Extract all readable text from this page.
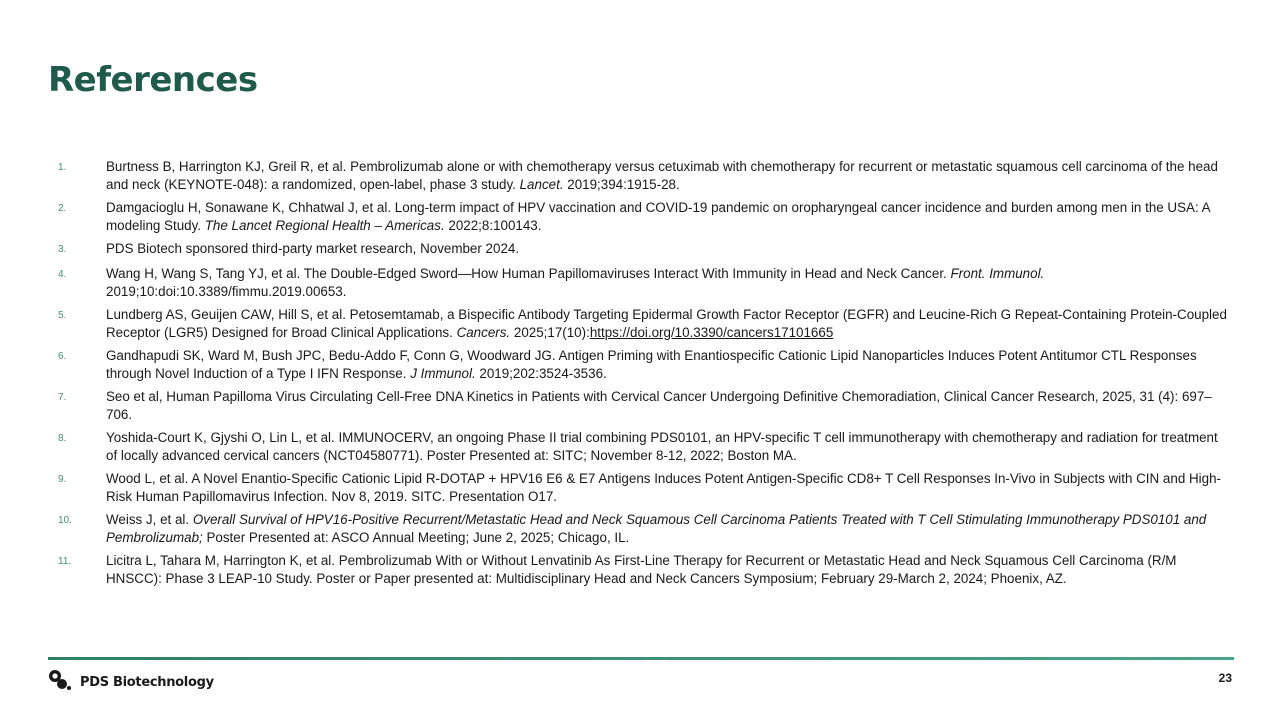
References
1.	Burtness B, Harrington KJ, Greil R, et al. Pembrolizumab alone or with chemotherapy versus cetuximab with chemotherapy for recurrent or metastatic squamous cell carcinoma of the head and neck (KEYNOTE-048): a randomized, open-label, phase 3 study. Lancet. 2019;394:1915-28.
2.	Damgacioglu H, Sonawane K, Chhatwal J, et al. Long-term impact of HPV vaccination and COVID-19 pandemic on oropharyngeal cancer incidence and burden among men in the USA: A modeling Study. The Lancet Regional Health – Americas. 2022;8:100143.
3.	PDS Biotech sponsored third-party market research, November 2024.
4.	Wang H, Wang S, Tang YJ, et al. The Double-Edged Sword—How Human Papillomaviruses Interact With Immunity in Head and Neck Cancer. Front. Immunol. 2019;10:doi:10.3389/fimmu.2019.00653.
5.	Lundberg AS, Geuijen CAW, Hill S, et al. Petosemtamab, a Bispecific Antibody Targeting Epidermal Growth Factor Receptor (EGFR) and Leucine-Rich G Repeat-Containing Protein-Coupled Receptor (LGR5) Designed for Broad Clinical Applications. Cancers. 2025;17(10):https://doi.org/10.3390/cancers17101665
6.	Gandhapudi SK, Ward M, Bush JPC, Bedu-Addo F, Conn G, Woodward JG. Antigen Priming with Enantiospecific Cationic Lipid Nanoparticles Induces Potent Antitumor CTL Responses through Novel Induction of a Type I IFN Response. J Immunol. 2019;202:3524-3536.
7.	Seo et al, Human Papilloma Virus Circulating Cell-Free DNA Kinetics in Patients with Cervical Cancer Undergoing Definitive Chemoradiation, Clinical Cancer Research, 2025, 31 (4): 697–706.
8.	Yoshida-Court K, Gjyshi O, Lin L, et al. IMMUNOCERV, an ongoing Phase II trial combining PDS0101, an HPV-specific T cell immunotherapy with chemotherapy and radiation for treatment of locally advanced cervical cancers (NCT04580771). Poster Presented at: SITC; November 8-12, 2022; Boston MA.
9.	Wood L, et al. A Novel Enantio-Specific Cationic Lipid R-DOTAP + HPV16 E6 & E7 Antigens Induces Potent Antigen-Specific CD8+ T Cell Responses In-Vivo in Subjects with CIN and High-Risk Human Papillomavirus Infection. Nov 8, 2019. SITC. Presentation O17.
10.	Weiss J, et al. Overall Survival of HPV16-Positive Recurrent/Metastatic Head and Neck Squamous Cell Carcinoma Patients Treated with T Cell Stimulating Immunotherapy PDS0101 and Pembrolizumab; Poster Presented at: ASCO Annual Meeting; June 2, 2025; Chicago, IL.
11.	Licitra L, Tahara M, Harrington K, et al. Pembrolizumab With or Without Lenvatinib As First-Line Therapy for Recurrent or Metastatic Head and Neck Squamous Cell Carcinoma (R/M HNSCC): Phase 3 LEAP-10 Study. Poster or Paper presented at: Multidisciplinary Head and Neck Cancers Symposium; February 29-March 2, 2024; Phoenix, AZ.
PDS Biotechnology	23
